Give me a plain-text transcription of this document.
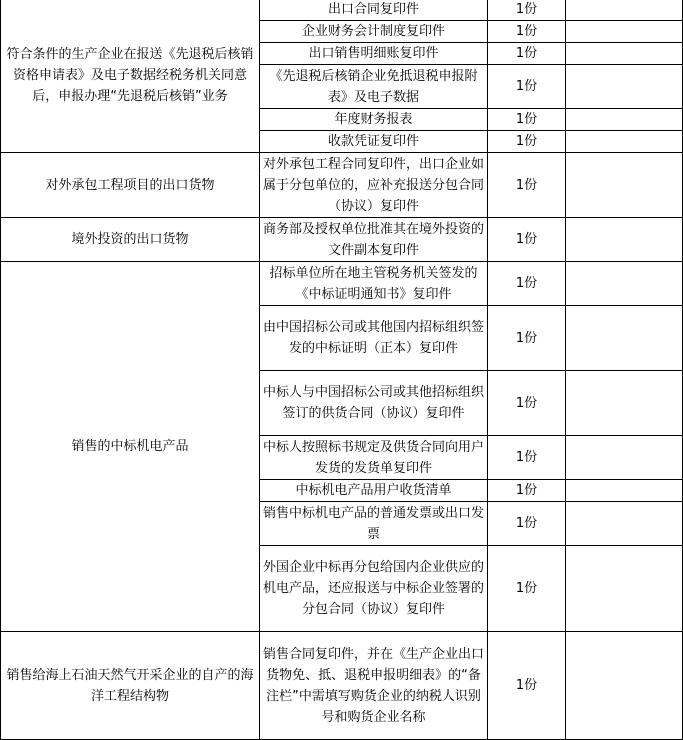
符合条件的生产企业在报送《先退税后核销资格申请表》及电子数据经税务机关同意后，申报办理“先退税后核销”业务	出口合同复印件	1份	
	企业财务会计制度复印件	1份	
	出口销售明细账复印件	1份	
	《先退税后核销企业免抵退税申报附表》及电子数据	1份	
	年度财务报表	1份	
	收款凭证复印件	1份	
对外承包工程项目的出口货物	对外承包工程合同复印件，出口企业如属于分包单位的，应补充报送分包合同（协议）复印件	1份	
境外投资的出口货物	商务部及授权单位批准其在境外投资的文件副本复印件	1份	
销售的中标机电产品	招标单位所在地主管税务机关签发的《中标证明通知书》复印件	1份	
	由中国招标公司或其他国内招标组织签发的中标证明（正本）复印件	1份	
	中标人与中国招标公司或其他招标组织签订的供货合同（协议）复印件	1份	
	中标人按照标书规定及供货合同向用户发货的发货单复印件	1份	
	中标机电产品用户收货清单	1份	
	销售中标机电产品的普通发票或出口发票	1份	
	外国企业中标再分包给国内企业供应的机电产品，还应报送与中标企业签署的分包合同（协议）复印件	1份	
销售给海上石油天然气开采企业的自产的海洋工程结构物	销售合同复印件，并在《生产企业出口货物免、抵、退税申报明细表》的“备注栏”中需填写购货企业的纳税人识别号和购货企业名称	1份	
